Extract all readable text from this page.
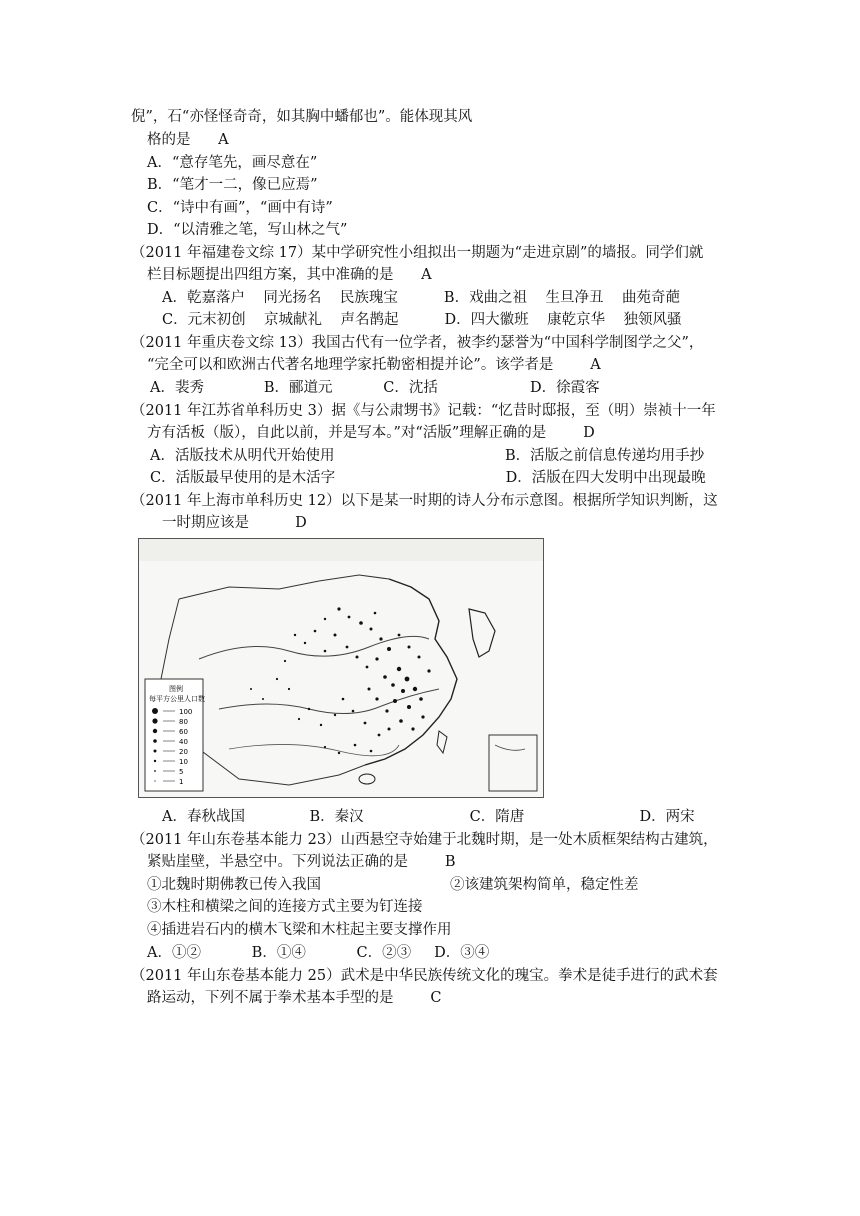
倪”，石“亦怪怪奇奇，如其胸中蟠郁也”。能体现其风
格的是      A
A．“意存笔先，画尽意在”
B．“笔才一二，像已应焉”
C．“诗中有画”，“画中有诗”
D．“以清雅之笔，写山林之气”
（2011 年福建卷文综 17）某中学研究性小组拟出一期题为“走进京剧”的墙报。同学们就
栏目标题提出四组方案，其中准确的是      A
A．乾嘉落户    同光扬名    民族瑰宝          B．戏曲之祖    生旦净丑    曲苑奇葩
C．元末初创    京城献礼    声名鹊起          D．四大徽班    康乾京华    独领风骚
（2011 年重庆卷文综 13）我国古代有一位学者，被李约瑟誉为“中国科学制图学之父”，
“完全可以和欧洲古代著名地理学家托勒密相提并论”。该学者是        A
A．裴秀             B．郦道元           C．沈括                    D．徐霞客
（2011 年江苏省单科历史 3）据《与公肃甥书》记载：“忆昔时邸报，至（明）崇祯十一年
方有活板（版），自此以前，并是写本。”对“活版”理解正确的是        D
A．活版技术从明代开始使用                                     B．活版之前信息传递均用手抄
C．活版最早使用的是木活字                                     D．活版在四大发明中出现最晚
（2011 年上海市单科历史 12）以下是某一时期的诗人分布示意图。根据所学知识判断，这
一时期应该是          D
图例
每平方公里人口数
100
80
60
40
20
10
5
1
A．春秋战国              B．秦汉                       C．隋唐                         D．两宋
（2011 年山东卷基本能力 23）山西悬空寺始建于北魏时期，是一处木质框架结构古建筑，
紧贴崖壁，半悬空中。下列说法正确的是        B
①北魏时期佛教已传入我国                            ②该建筑架构简单，稳定性差
③木柱和横梁之间的连接方式主要为钉连接
④插进岩石内的横木飞梁和木柱起主要支撑作用
A．①②           B．①④           C．②③     D．③④
（2011 年山东卷基本能力 25）武术是中华民族传统文化的瑰宝。拳术是徒手进行的武术套
路运动，下列不属于拳术基本手型的是        C
